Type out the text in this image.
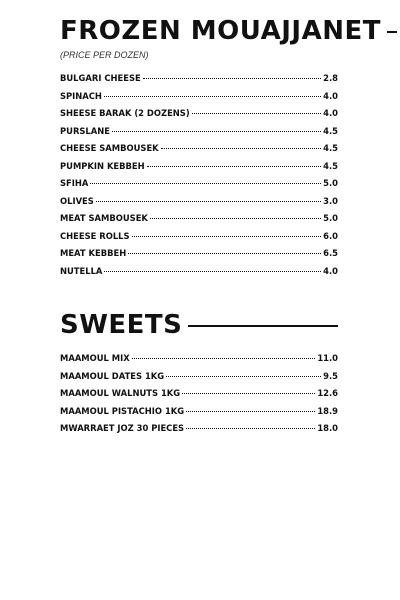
FROZEN MOUAJJANET
(PRICE PER DOZEN)
BULGARI CHEESE	2.8
SPINACH	4.0
SHEESE BARAK (2 DOZENS)	4.0
PURSLANE	4.5
CHEESE SAMBOUSEK	4.5
PUMPKIN KEBBEH	4.5
SFIHA	5.0
OLIVES	3.0
MEAT SAMBOUSEK	5.0
CHEESE ROLLS	6.0
MEAT KEBBEH	6.5
NUTELLA	4.0
SWEETS
MAAMOUL MIX	11.0
MAAMOUL DATES 1KG	9.5
MAAMOUL WALNUTS 1KG	12.6
MAAMOUL PISTACHIO 1KG	18.9
MWARRAET JOZ 30 PIECES	18.0
